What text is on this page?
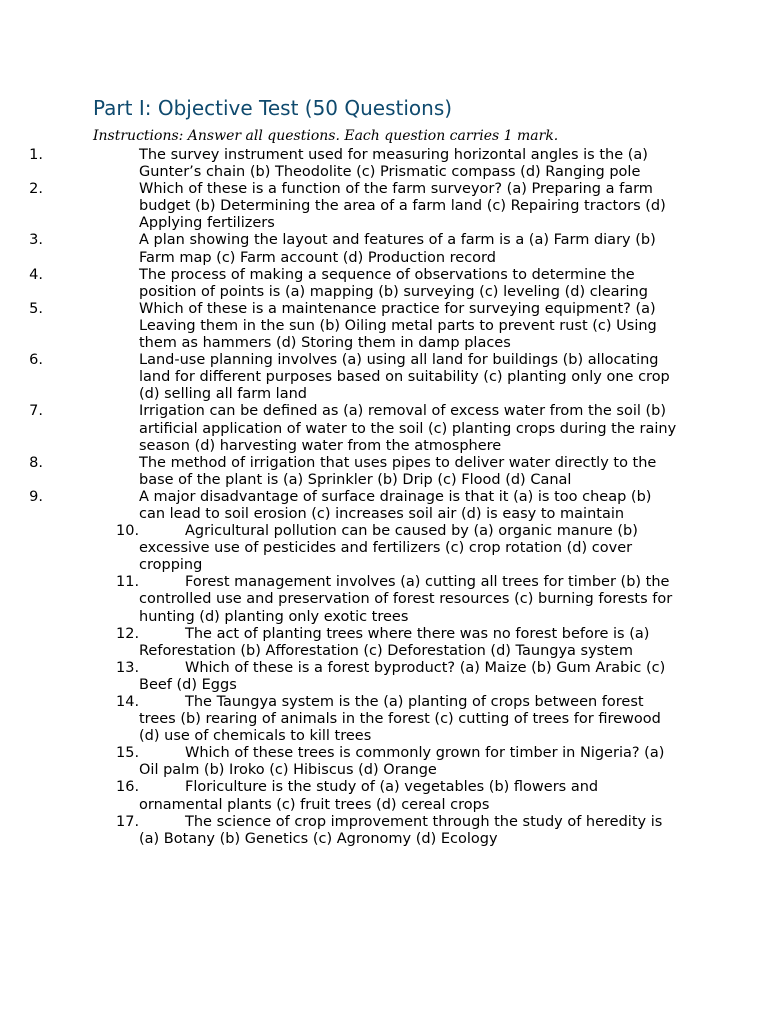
Part I: Objective Test (50 Questions)

Instructions: Answer all questions. Each question carries 1 mark.

1.	The survey instrument used for measuring horizontal angles is the (a) Gunter’s chain (b) Theodolite (c) Prismatic compass (d) Ranging pole
2.	Which of these is a function of the farm surveyor? (a) Preparing a farm budget (b) Determining the area of a farm land (c) Repairing tractors (d) Applying fertilizers
3.	A plan showing the layout and features of a farm is a (a) Farm diary (b) Farm map (c) Farm account (d) Production record
4.	The process of making a sequence of observations to determine the position of points is (a) mapping (b) surveying (c) leveling (d) clearing
5.	Which of these is a maintenance practice for surveying equipment? (a) Leaving them in the sun (b) Oiling metal parts to prevent rust (c) Using them as hammers (d) Storing them in damp places
6.	Land-use planning involves (a) using all land for buildings (b) allocating land for different purposes based on suitability (c) planting only one crop (d) selling all farm land
7.	Irrigation can be defined as (a) removal of excess water from the soil (b) artificial application of water to the soil (c) planting crops during the rainy season (d) harvesting water from the atmosphere
8.	The method of irrigation that uses pipes to deliver water directly to the base of the plant is (a) Sprinkler (b) Drip (c) Flood (d) Canal
9.	A major disadvantage of surface drainage is that it (a) is too cheap (b) can lead to soil erosion (c) increases soil air (d) is easy to maintain
10.	Agricultural pollution can be caused by (a) organic manure (b) excessive use of pesticides and fertilizers (c) crop rotation (d) cover cropping
11.	Forest management involves (a) cutting all trees for timber (b) the controlled use and preservation of forest resources (c) burning forests for hunting (d) planting only exotic trees
12.	The act of planting trees where there was no forest before is (a) Reforestation (b) Afforestation (c) Deforestation (d) Taungya system
13.	Which of these is a forest byproduct? (a) Maize (b) Gum Arabic (c) Beef (d) Eggs
14.	The Taungya system is the (a) planting of crops between forest trees (b) rearing of animals in the forest (c) cutting of trees for firewood (d) use of chemicals to kill trees
15.	Which of these trees is commonly grown for timber in Nigeria? (a) Oil palm (b) Iroko (c) Hibiscus (d) Orange
16.	Floriculture is the study of (a) vegetables (b) flowers and ornamental plants (c) fruit trees (d) cereal crops
17.	The science of crop improvement through the study of heredity is (a) Botany (b) Genetics (c) Agronomy (d) Ecology
